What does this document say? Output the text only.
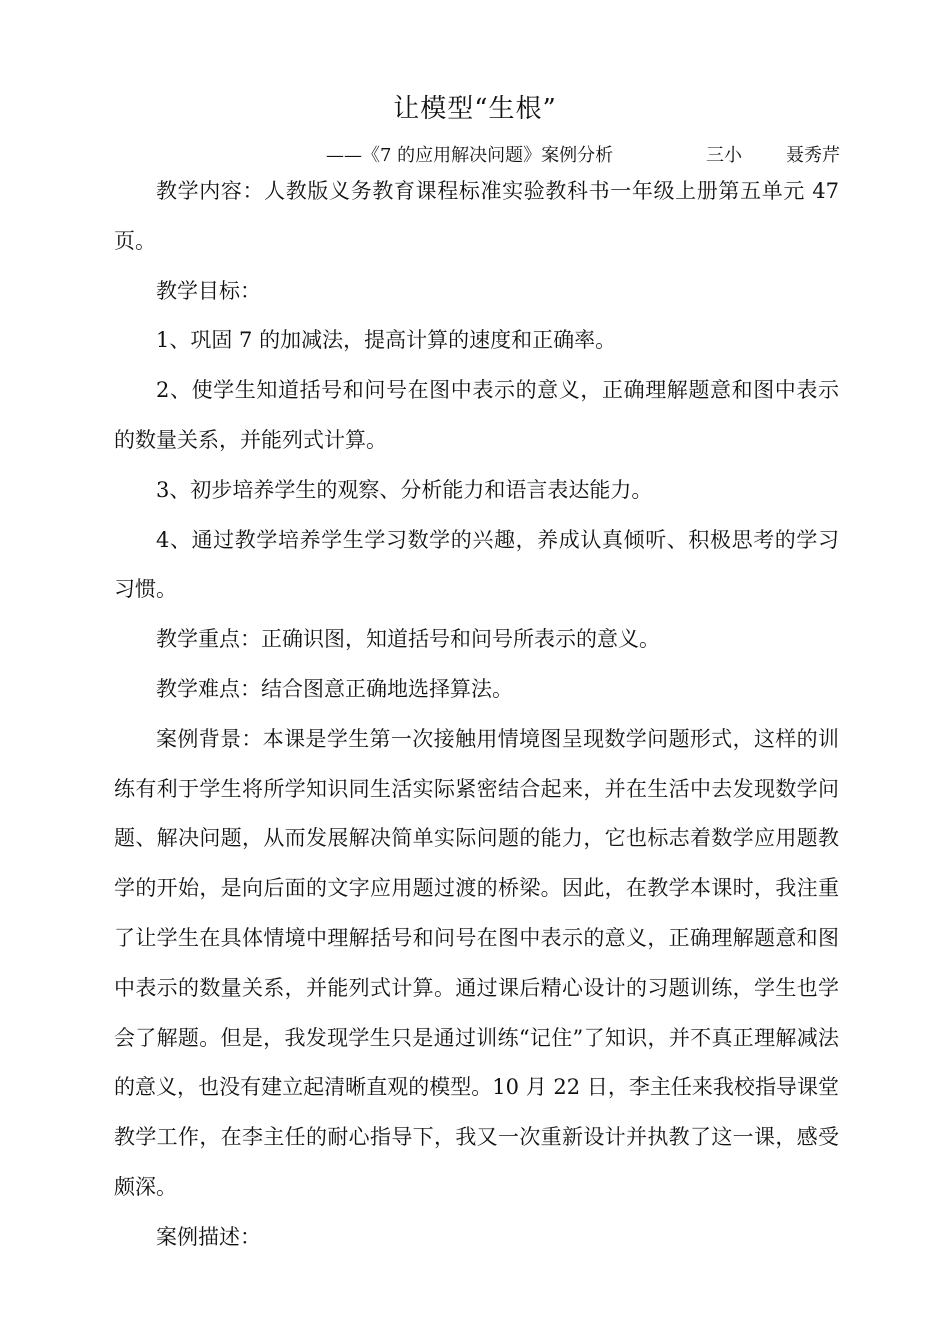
让模型“生根”
——《7 的应用解决问题》案例分析	三小 聂秀芹

教学内容：人教版义务教育课程标准实验教科书一年级上册第五单元 47 页。

教学目标：

1、巩固 7 的加减法，提高计算的速度和正确率。

2、使学生知道括号和问号在图中表示的意义，正确理解题意和图中表示的数量关系，并能列式计算。

3、初步培养学生的观察、分析能力和语言表达能力。

4、通过教学培养学生学习数学的兴趣，养成认真倾听、积极思考的学习习惯。

教学重点：正确识图，知道括号和问号所表示的意义。

教学难点：结合图意正确地选择算法。

案例背景：本课是学生第一次接触用情境图呈现数学问题形式，这样的训练有利于学生将所学知识同生活实际紧密结合起来，并在生活中去发现数学问题、解决问题，从而发展解决简单实际问题的能力，它也标志着数学应用题教学的开始，是向后面的文字应用题过渡的桥梁。因此，在教学本课时，我注重了让学生在具体情境中理解括号和问号在图中表示的意义，正确理解题意和图中表示的数量关系，并能列式计算。通过课后精心设计的习题训练，学生也学会了解题。但是，我发现学生只是通过训练“记住”了知识，并不真正理解减法的意义，也没有建立起清晰直观的模型。10 月 22 日，李主任来我校指导课堂教学工作，在李主任的耐心指导下，我又一次重新设计并执教了这一课，感受颇深。

案例描述：
